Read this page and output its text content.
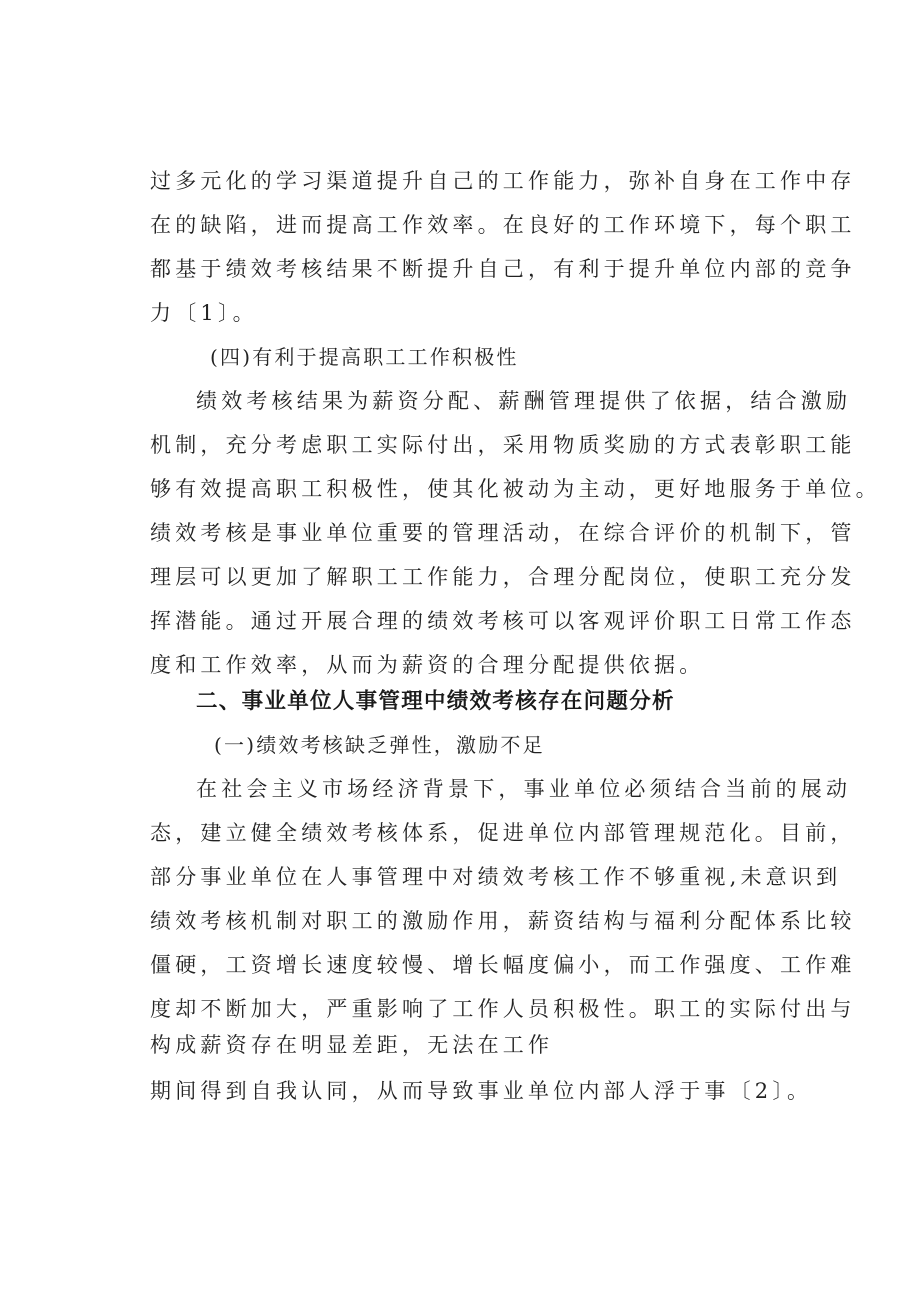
过多元化的学习渠道提升自己的工作能力，弥补自身在工作中存
在的缺陷，进而提高工作效率。在良好的工作环境下，每个职工
都基于绩效考核结果不断提升自己，有利于提升单位内部的竞争
力〔1〕。
(四)有利于提高职工工作积极性
绩效考核结果为薪资分配、薪酬管理提供了依据，结合激励
机制，充分考虑职工实际付出，采用物质奖励的方式表彰职工能
够有效提高职工积极性，使其化被动为主动，更好地服务于单位。
绩效考核是事业单位重要的管理活动，在综合评价的机制下，管
理层可以更加了解职工工作能力，合理分配岗位，使职工充分发
挥潜能。通过开展合理的绩效考核可以客观评价职工日常工作态
度和工作效率，从而为薪资的合理分配提供依据。
二、事业单位人事管理中绩效考核存在问题分析
(一)绩效考核缺乏弹性，激励不足
在社会主义市场经济背景下，事业单位必须结合当前的展动
态，建立健全绩效考核体系，促进单位内部管理规范化。目前，
部分事业单位在人事管理中对绩效考核工作不够重视,未意识到
绩效考核机制对职工的激励作用，薪资结构与福利分配体系比较
僵硬，工资增长速度较慢、增长幅度偏小，而工作强度、工作难
度却不断加大，严重影响了工作人员积极性。职工的实际付出与
构成薪资存在明显差距，无法在工作
期间得到自我认同，从而导致事业单位内部人浮于事〔2〕。
